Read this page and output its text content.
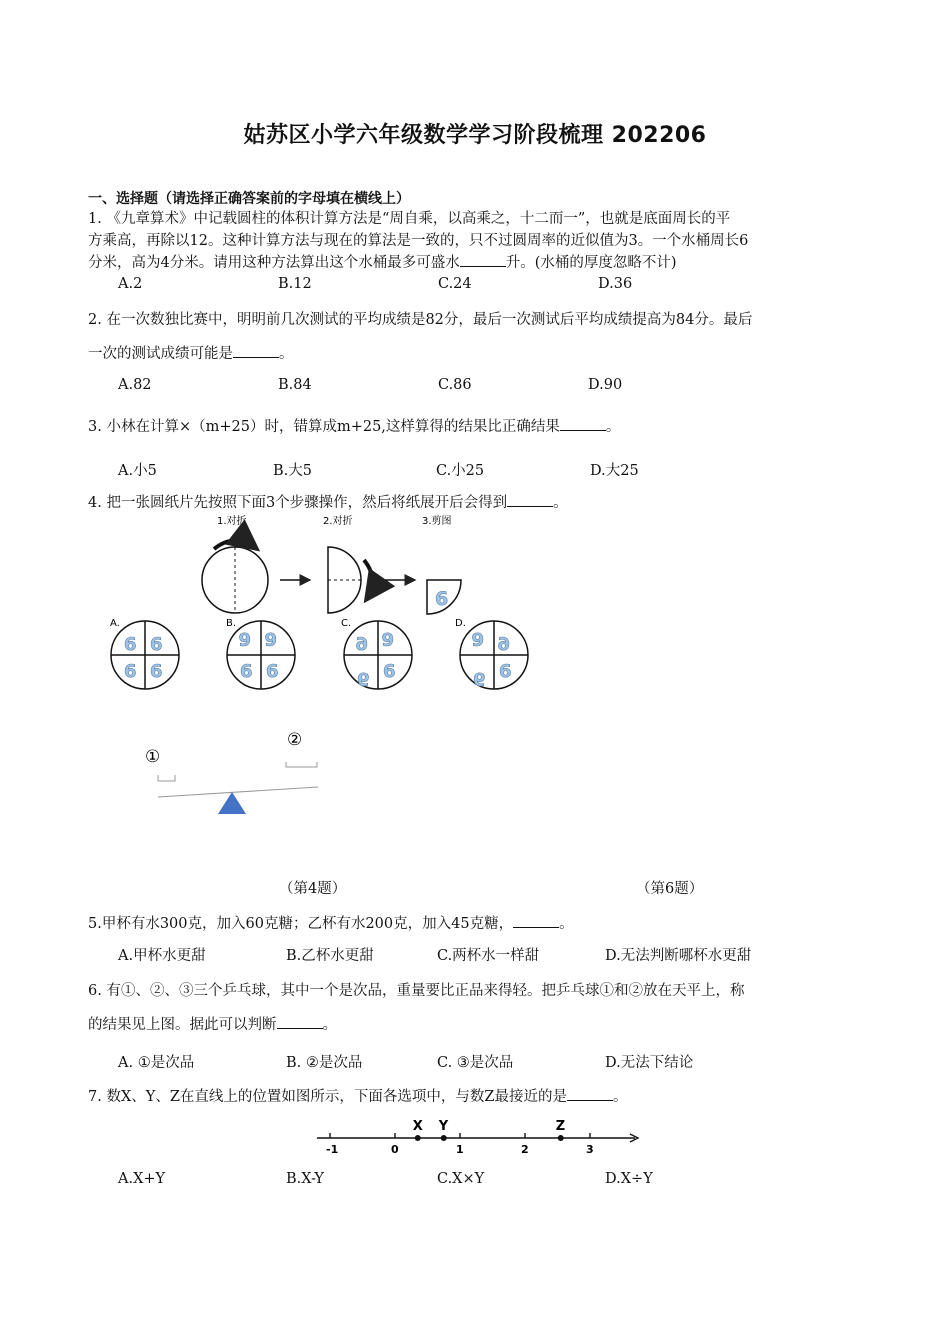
姑苏区小学六年级数学学习阶段梳理 202206
一、选择题（请选择正确答案前的字母填在横线上）
1. 《九章算术》中记载圆柱的体积计算方法是“周自乘，以高乘之，十二而一”，也就是底面周长的平
方乘高，再除以12。这种计算方法与现在的算法是一致的，只不过圆周率的近似值为3。一个水桶周长6
分米，高为4分米。请用这种方法算出这个水桶最多可盛水	升。(水桶的厚度忽略不计)
A.2	B.12	C.24	D.36
2. 在一次数独比赛中，明明前几次测试的平均成绩是82分，最后一次测试后平均成绩提高为84分。最后
一次的测试成绩可能是	。
A.82	B.84	C.86	D.90
3. 小林在计算×（m+25）时，错算成m+25,这样算得的结果比正确结果	。
A.小5	B.大5	C.小25	D.大25
4. 把一张圆纸片先按照下面3个步骤操作，然后将纸展开后会得到	。
1.对折	2.对折	3.剪图
6
A.
6 6
6 6
B.
6 6
6 6
C.
6 6
6 6
D.
6 6
6 6
①
②
（第4题）	（第6题）
5.甲杯有水300克，加入60克糖；乙杯有水200克，加入45克糖，	。
A.甲杯水更甜	B.乙杯水更甜	C.两杯水一样甜	D.无法判断哪杯水更甜
6. 有①、②、③三个乒乓球，其中一个是次品，重量要比正品来得轻。把乒乓球①和②放在天平上，称
的结果见上图。据此可以判断	。
A. ①是次品	B. ②是次品	C. ③是次品	D.无法下结论
7. 数X、Y、Z在直线上的位置如图所示，下面各选项中，与数Z最接近的是	。
-1	0	1	2	3
X Y	Z
A.X+Y	B.X-Y	C.X×Y	D.X÷Y
